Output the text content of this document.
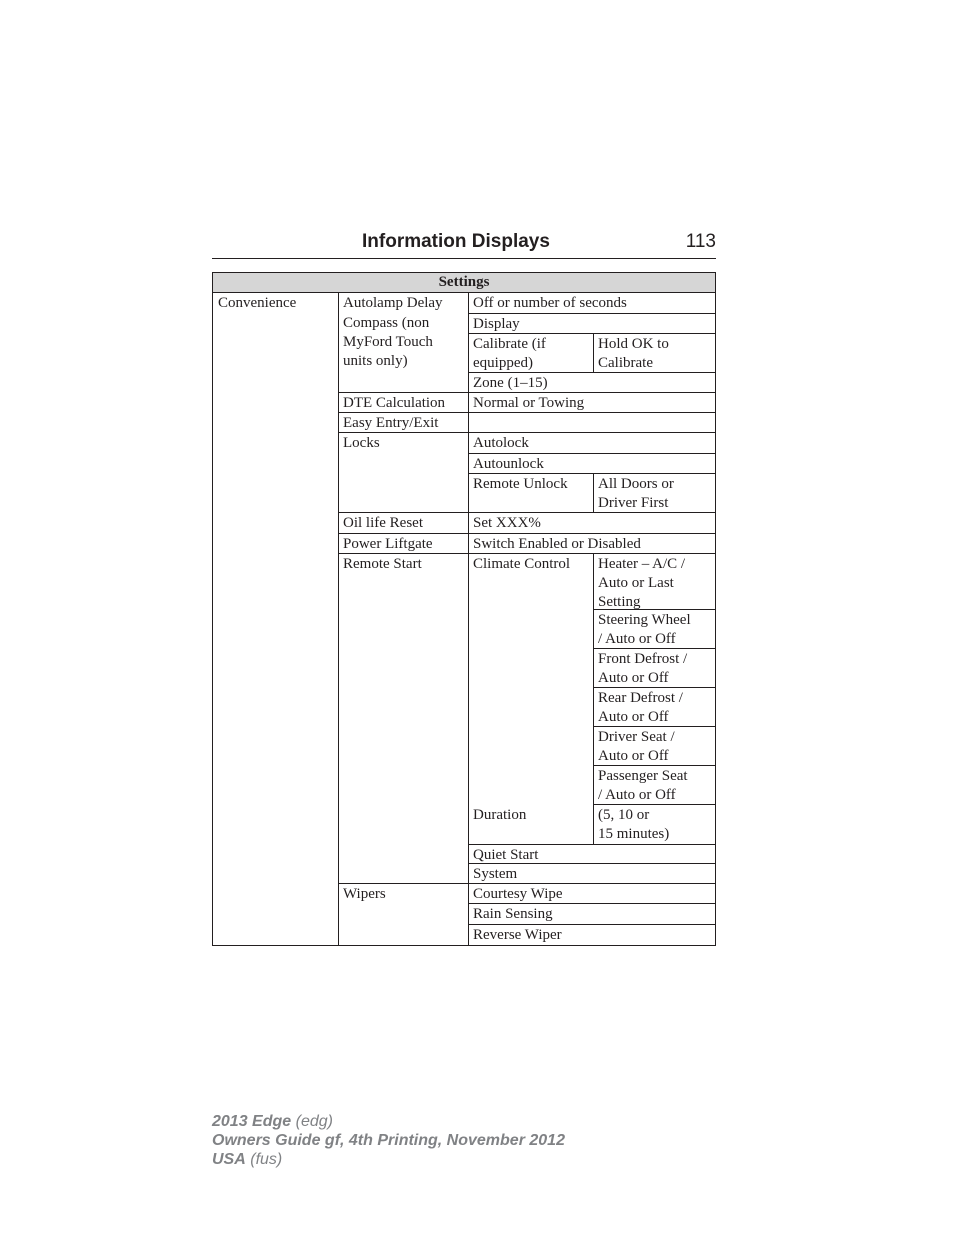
Information Displays	113
Settings
Convenience	Autolamp Delay
Compass (non
MyFord Touch
units only)
DTE Calculation
Easy Entry/Exit
Locks
Oil life Reset
Power Liftgate
Remote Start
Wipers
Off or number of seconds
Display
Calibrate (if
equipped)
Zone (1–15)
Normal or Towing
Autolock
Autounlock
Remote Unlock
Set XXX%
Switch Enabled or Disabled
Climate Control
Duration
Quiet Start
System
Courtesy Wipe
Rain Sensing
Reverse Wiper
Hold OK to
Calibrate
All Doors or
Driver First
Heater – A/C /
Auto or Last
Setting
Steering Wheel
/ Auto or Off
Front Defrost /
Auto or Off
Rear Defrost /
Auto or Off
Driver Seat /
Auto or Off
Passenger Seat
/ Auto or Off
(5, 10 or
15 minutes)
2013 Edge (edg)
Owners Guide gf, 4th Printing, November 2012
USA (fus)
